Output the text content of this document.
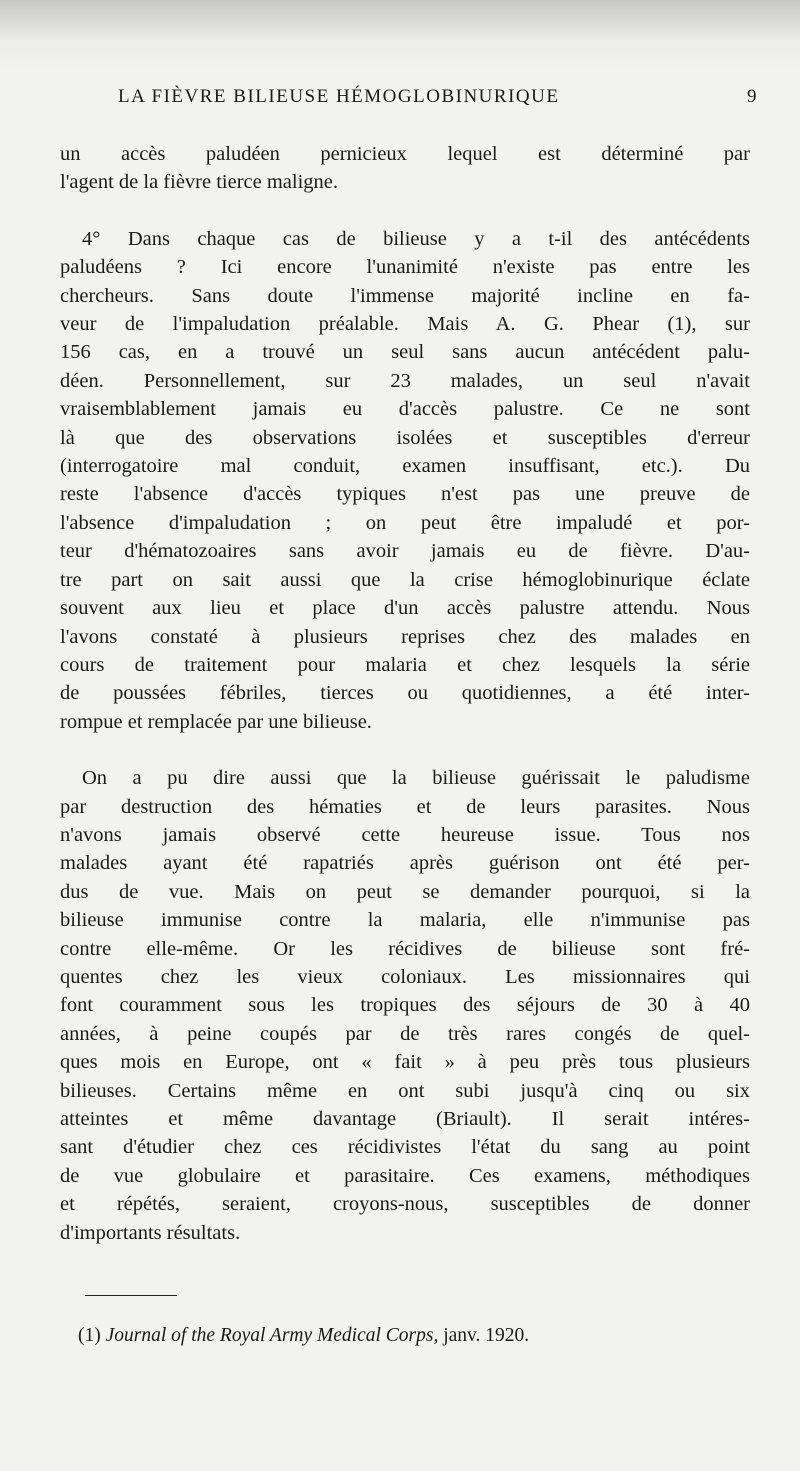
LA FIÈVRE BILIEUSE HÉMOGLOBINURIQUE	9
un accès paludéen pernicieux lequel est déterminé par
l'agent de la fièvre tierce maligne.
4° Dans chaque cas de bilieuse y a t-il des antécédents
paludéens ? Ici encore l'unanimité n'existe pas entre les
chercheurs. Sans doute l'immense majorité incline en fa-
veur de l'impaludation préalable. Mais A. G. Phear (1), sur
156 cas, en a trouvé un seul sans aucun antécédent palu-
déen. Personnellement, sur 23 malades, un seul n'avait
vraisemblablement jamais eu d'accès palustre. Ce ne sont
là que des observations isolées et susceptibles d'erreur
(interrogatoire mal conduit, examen insuffisant, etc.). Du
reste l'absence d'accès typiques n'est pas une preuve de
l'absence d'impaludation ; on peut être impaludé et por-
teur d'hématozoaires sans avoir jamais eu de fièvre. D'au-
tre part on sait aussi que la crise hémoglobinurique éclate
souvent aux lieu et place d'un accès palustre attendu. Nous
l'avons constaté à plusieurs reprises chez des malades en
cours de traitement pour malaria et chez lesquels la série
de poussées fébriles, tierces ou quotidiennes, a été inter-
rompue et remplacée par une bilieuse.
On a pu dire aussi que la bilieuse guérissait le paludisme
par destruction des hématies et de leurs parasites. Nous
n'avons jamais observé cette heureuse issue. Tous nos
malades ayant été rapatriés après guérison ont été per-
dus de vue. Mais on peut se demander pourquoi, si la
bilieuse immunise contre la malaria, elle n'immunise pas
contre elle-même. Or les récidives de bilieuse sont fré-
quentes chez les vieux coloniaux. Les missionnaires qui
font couramment sous les tropiques des séjours de 30 à 40
années, à peine coupés par de très rares congés de quel-
ques mois en Europe, ont « fait » à peu près tous plusieurs
bilieuses. Certains même en ont subi jusqu'à cinq ou six
atteintes et même davantage (Briault). Il serait intéres-
sant d'étudier chez ces récidivistes l'état du sang au point
de vue globulaire et parasitaire. Ces examens, méthodiques
et répétés, seraient, croyons-nous, susceptibles de donner
d'importants résultats.
(1) Journal of the Royal Army Medical Corps, janv. 1920.
